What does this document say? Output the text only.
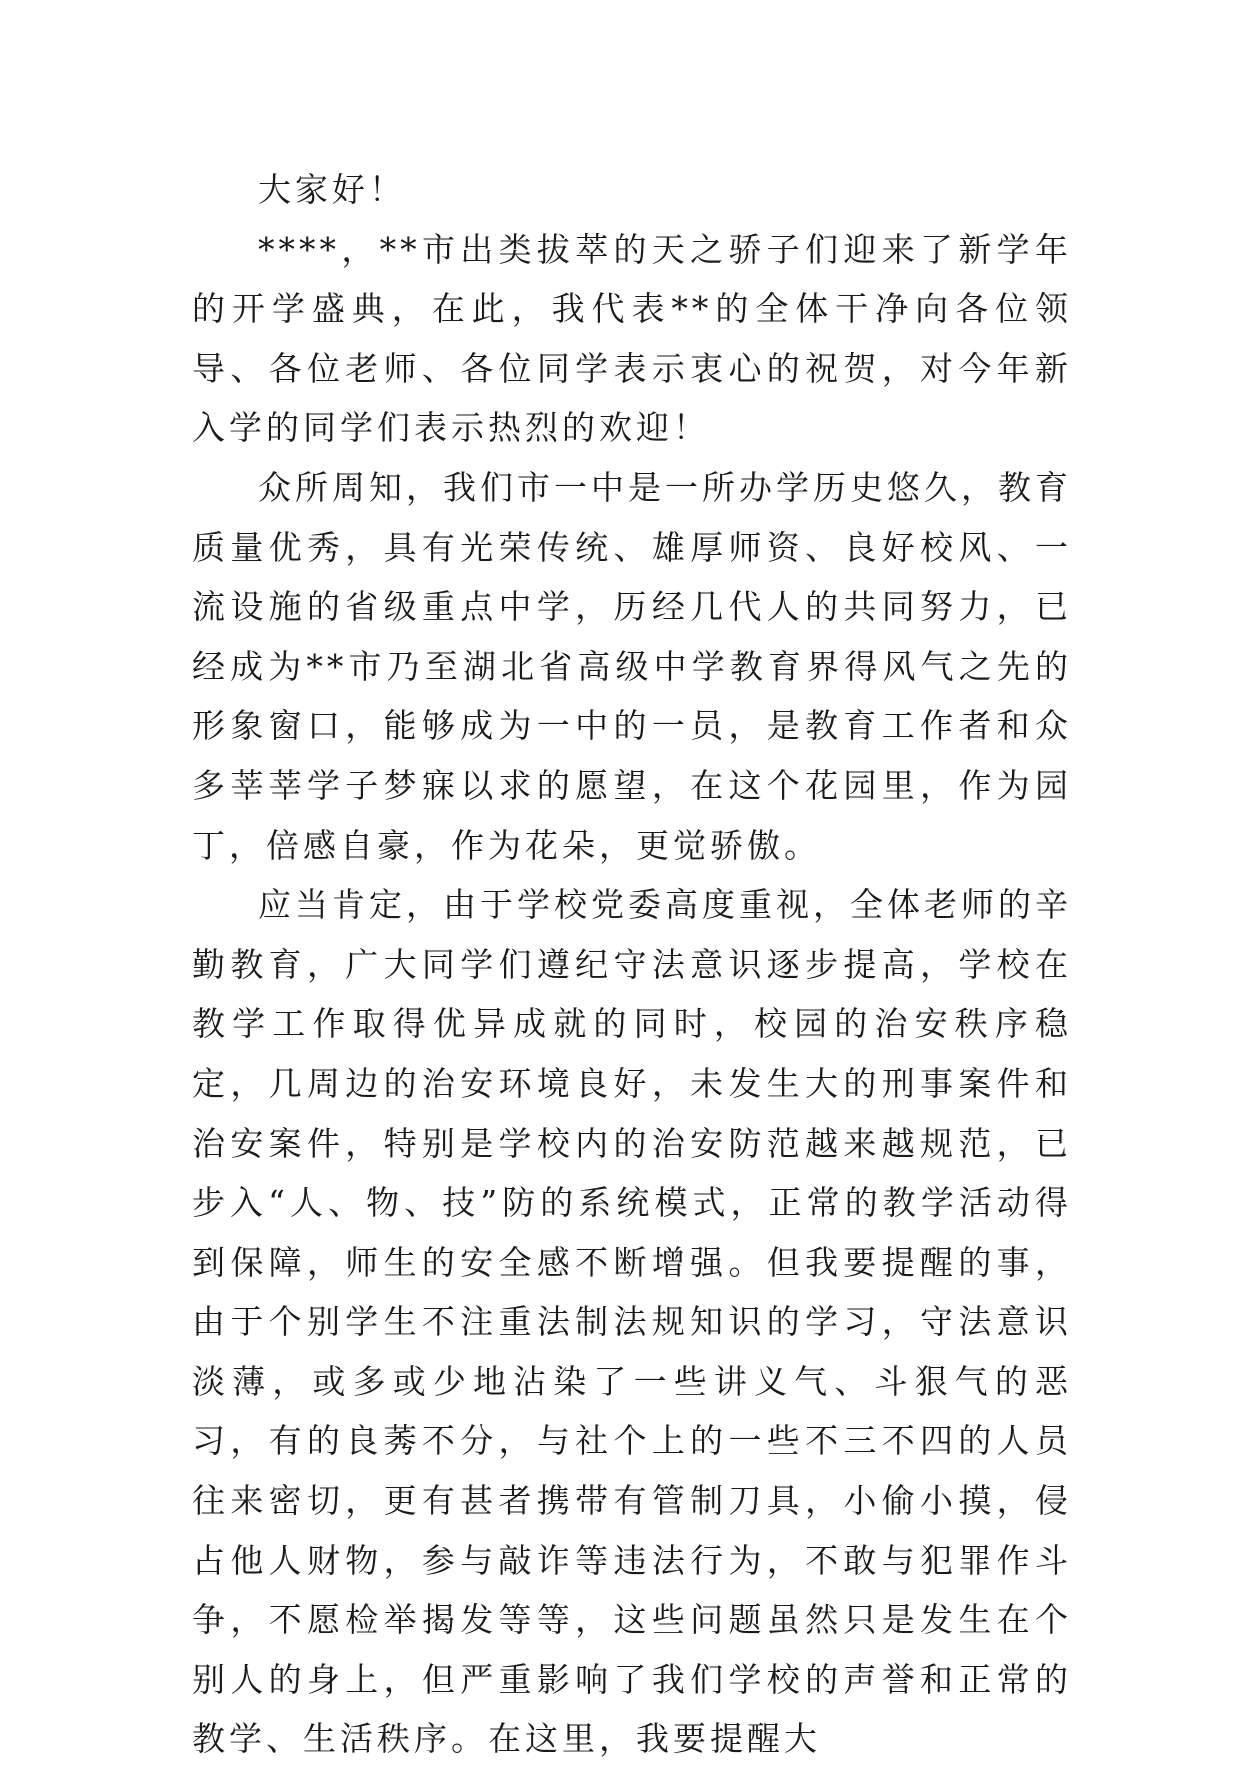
大家好！

****，**市出类拔萃的天之骄子们迎来了新学年的开学盛典，在此，我代表**的全体干净向各位领导、各位老师、各位同学表示衷心的祝贺，对今年新入学的同学们表示热烈的欢迎！

众所周知，我们市一中是一所办学历史悠久，教育质量优秀，具有光荣传统、雄厚师资、良好校风、一流设施的省级重点中学，历经几代人的共同努力，已经成为**市乃至湖北省高级中学教育界得风气之先的形象窗口，能够成为一中的一员，是教育工作者和众多莘莘学子梦寐以求的愿望，在这个花园里，作为园丁，倍感自豪，作为花朵，更觉骄傲。

应当肯定，由于学校党委高度重视，全体老师的辛勤教育，广大同学们遵纪守法意识逐步提高，学校在教学工作取得优异成就的同时，校园的治安秩序稳定，几周边的治安环境良好，未发生大的刑事案件和治安案件，特别是学校内的治安防范越来越规范，已步入“人、物、技”防的系统模式，正常的教学活动得到保障，师生的安全感不断增强。但我要提醒的事，由于个别学生不注重法制法规知识的学习，守法意识淡薄，或多或少地沾染了一些讲义气、斗狠气的恶习，有的良莠不分，与社个上的一些不三不四的人员往来密切，更有甚者携带有管制刀具，小偷小摸，侵占他人财物，参与敲诈等违法行为，不敢与犯罪作斗争，不愿检举揭发等等，这些问题虽然只是发生在个别人的身上，但严重影响了我们学校的声誉和正常的教学、生活秩序。在这里，我要提醒大
